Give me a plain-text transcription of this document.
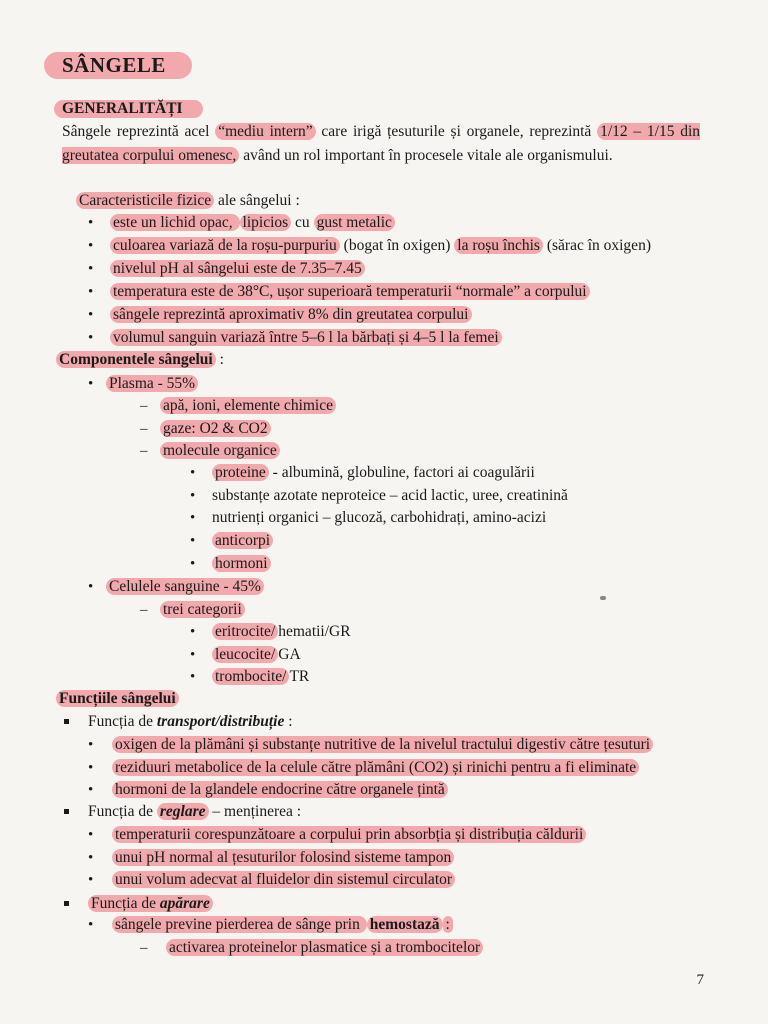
SÂNGELE
GENERALITĂȚI
Sângele reprezintă acel “mediu intern” care irigă țesuturile și organele, reprezintă 1/12 – 1/15 din greutatea corpului omenesc, având un rol important în procesele vitale ale organismului.
Caracteristicile fizice ale sângelui :
• este un lichid opac, lipicios cu gust metalic
• culoarea variază de la roșu-purpuriu (bogat în oxigen) la roșu închis (sărac în oxigen)
• nivelul pH al sângelui este de 7.35–7.45
• temperatura este de 38°C, ușor superioară temperaturii “normale” a corpului
• sângele reprezintă aproximativ 8% din greutatea corpului
• volumul sanguin variază între 5–6 l la bărbați și 4–5 l la femei
Componentele sângelui :
• Plasma - 55%
– apă, ioni, elemente chimice
– gaze: O2 & CO2
– molecule organice
• proteine - albumină, globuline, factori ai coagulării
• substanțe azotate neproteice – acid lactic, uree, creatinină
• nutrienți organici – glucoză, carbohidrați, amino-acizi
• anticorpi
• hormoni
• Celulele sanguine - 45%
– trei categorii
• eritrocite/ hematii/GR
• leucocite/ GA
• trombocite/ TR
Funcțiile sângelui
Funcția de transport/distribuție :
• oxigen de la plămâni și substanțe nutritive de la nivelul tractului digestiv către țesuturi
• reziduuri metabolice de la celule către plămâni (CO2) și rinichi pentru a fi eliminate
• hormoni de la glandele endocrine către organele țintă
Funcția de reglare – menținerea :
• temperaturii corespunzătoare a corpului prin absorbția și distribuția căldurii
• unui pH normal al țesuturilor folosind sisteme tampon
• unui volum adecvat al fluidelor din sistemul circulator
Funcția de apărare
• sângele previne pierderea de sânge prin hemostază :
– activarea proteinelor plasmatice și a trombocitelor
7
